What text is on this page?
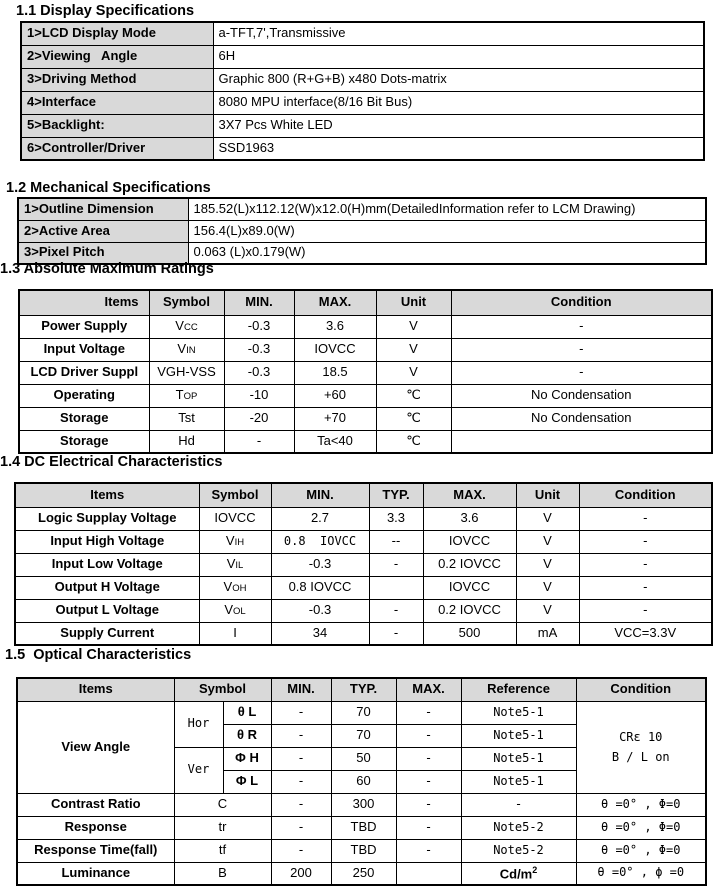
1.1 Display Specifications
1>LCD Display Mode	a-TFT,7',Transmissive
2>Viewing   Angle	6H
3>Driving Method	Graphic 800 (R+G+B) x480 Dots-matrix
4>Interface	8080 MPU interface(8/16 Bit Bus)
5>Backlight:	3X7 Pcs White LED
6>Controller/Driver	SSD1963
1.2 Mechanical Specifications
1>Outline Dimension	185.52(L)x112.12(W)x12.0(H)mm(DetailedInformation refer to LCM Drawing)
2>Active Area	156.4(L)x89.0(W)
3>Pixel Pitch	0.063 (L)x0.179(W)
1.3 Absolute Maximum Ratings
Items	Symbol	MIN.	MAX.	Unit	Condition
Power Supply	VCC	-0.3	3.6	V	-
Input Voltage	VIN	-0.3	IOVCC	V	-
LCD Driver Suppl	VGH-VSS	-0.3	18.5	V	-
Operating	TOP	-10	+60	℃	No Condensation
Storage	Tst	-20	+70	℃	No Condensation
Storage	Hd	-	Ta<40	℃	
1.4 DC Electrical Characteristics
Items	Symbol	MIN.	TYP.	MAX.	Unit	Condition
Logic Supplay Voltage	IOVCC	2.7	3.3	3.6	V	-
Input High Voltage	VIH	0.8  IOVCC	--	IOVCC	V	-
Input Low Voltage	VIL	-0.3	-	0.2 IOVCC	V	-
Output H Voltage	VOH	0.8 IOVCC		IOVCC	V	-
Output L Voltage	VOL	-0.3	-	0.2 IOVCC	V	-
Supply Current	I	34	-	500	mA	VCC=3.3V
1.5  Optical Characteristics
Items	Symbol		MIN.	TYP.	MAX.	Reference	Condition
View Angle	Hor	θ L	-	70	-	Note5-1	CRε 10
B / L on
		θ R	-	70	-	Note5-1	
	Ver	Φ H	-	50	-	Note5-1	
		Φ L	-	60	-	Note5-1	
Contrast Ratio	C		-	300	-	-	θ =0° , Φ=0
Response	tr		-	TBD	-	Note5-2	θ =0° , Φ=0
Response Time(fall)	tf		-	TBD	-	Note5-2	θ =0° , Φ=0
Luminance	B		200	250		$Cd/m^2$	θ =0° , ϕ =0
